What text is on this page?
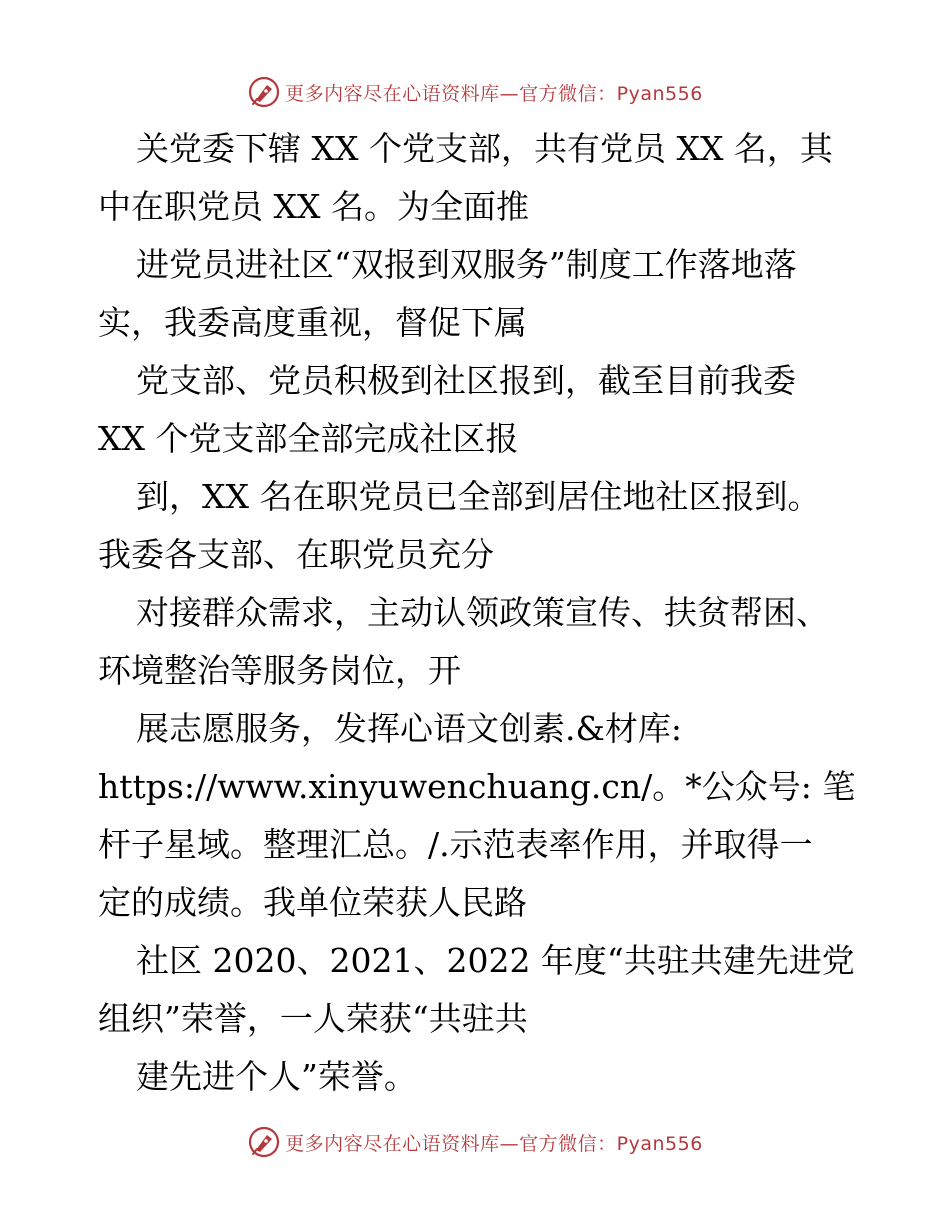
更多内容尽在心语资料库—官方微信：Pyan556
关党委下辖 XX 个党支部，共有党员 XX 名，其
中在职党员 XX 名。为全面推
进党员进社区“双报到双服务”制度工作落地落
实，我委高度重视，督促下属
党支部、党员积极到社区报到，截至目前我委
XX 个党支部全部完成社区报
到，XX 名在职党员已全部到居住地社区报到。
我委各支部、在职党员充分
对接群众需求，主动认领政策宣传、扶贫帮困、
环境整治等服务岗位，开
展志愿服务，发挥心语文创素.&材库:
https://www.xinyuwenchuang.cn/。*公众号: 笔
杆子星域。整理汇总。/.示范表率作用，并取得一
定的成绩。我单位荣获人民路
社区 2020、2021、2022 年度“共驻共建先进党
组织”荣誉，一人荣获“共驻共
建先进个人”荣誉。
更多内容尽在心语资料库—官方微信：Pyan556
